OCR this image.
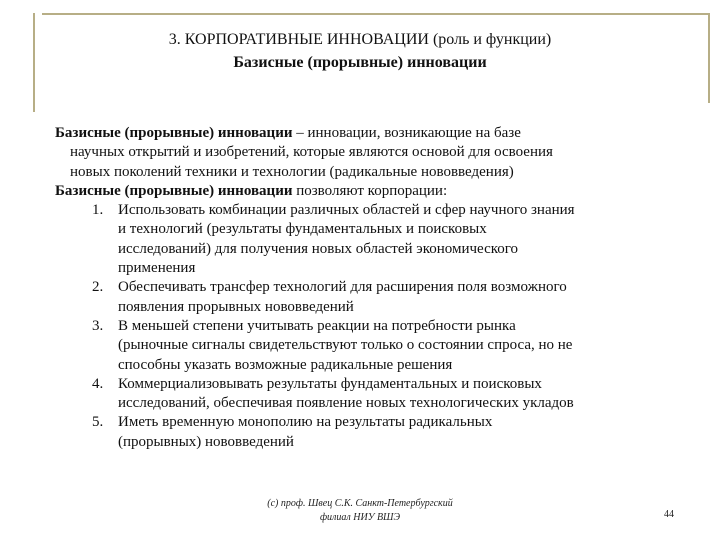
3. КОРПОРАТИВНЫЕ ИННОВАЦИИ (роль и функции)
Базисные (прорывные) инновации
Базисные (прорывные) инновации – инновации, возникающие на базе
научных открытий и изобретений, которые являются основой для освоения
новых поколений техники и технологии (радикальные нововведения)
Базисные (прорывные) инновации позволяют корпорации:
1. Использовать комбинации различных областей и сфер научного знания
и технологий (результаты фундаментальных и поисковых
исследований) для получения новых областей экономического
применения
2. Обеспечивать трансфер технологий для расширения поля возможного
появления прорывных нововведений
3. В меньшей степени учитывать реакции на потребности рынка
(рыночные сигналы свидетельствуют только о состоянии спроса, но не
способны указать возможные радикальные решения
4. Коммерциализовывать результаты фундаментальных и поисковых
исследований, обеспечивая появление новых технологических укладов
5. Иметь временную монополию на результаты радикальных
(прорывных) нововведений
(с) проф. Швец С.К. Санкт-Петербургский
филиал НИУ ВШЭ	44
